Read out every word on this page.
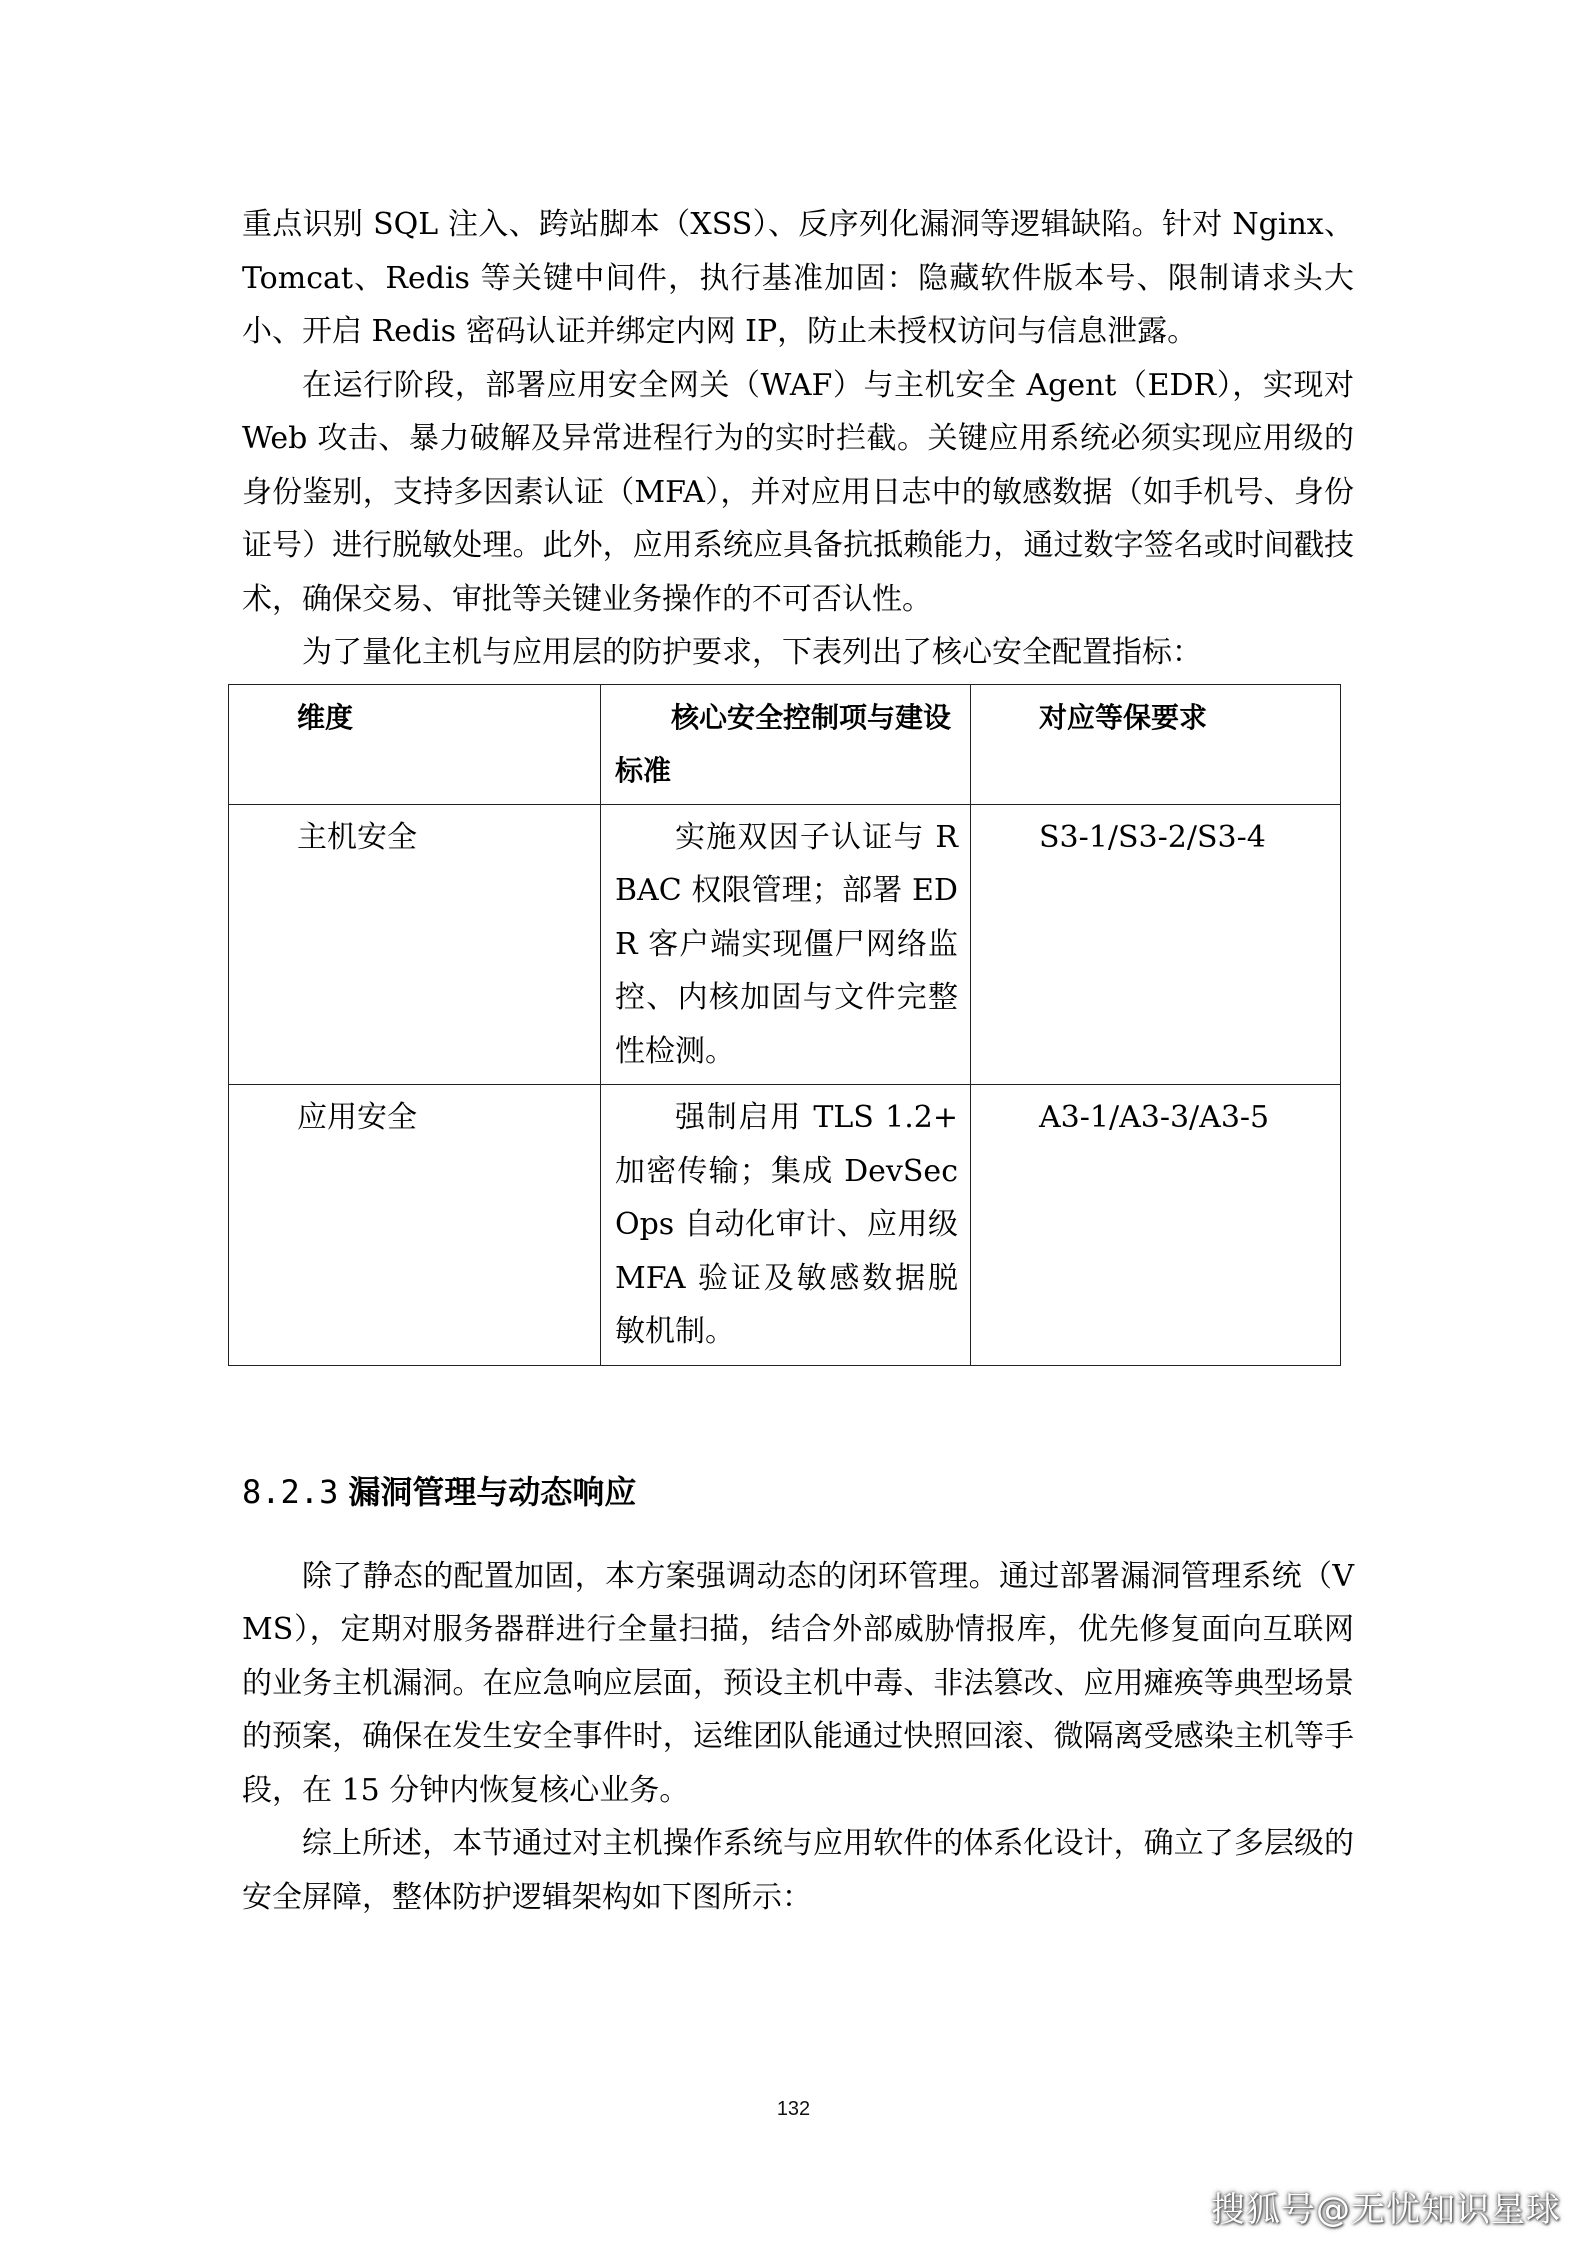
重点识别 SQL 注入、跨站脚本（XSS）、反序列化漏洞等逻辑缺陷。针对 Nginx、Tomcat、Redis 等关键中间件，执行基准加固：隐藏软件版本号、限制请求头大小、开启 Redis 密码认证并绑定内网 IP，防止未授权访问与信息泄露。

在运行阶段，部署应用安全网关（WAF）与主机安全 Agent（EDR），实现对 Web 攻击、暴力破解及异常进程行为的实时拦截。关键应用系统必须实现应用级的身份鉴别，支持多因素认证（MFA），并对应用日志中的敏感数据（如手机号、身份证号）进行脱敏处理。此外，应用系统应具备抗抵赖能力，通过数字签名或时间戳技术，确保交易、审批等关键业务操作的不可否认性。

为了量化主机与应用层的防护要求，下表列出了核心安全配置指标：

维度	核心安全控制项与建设标准	对应等保要求
主机安全	实施双因子认证与 RBAC 权限管理；部署 EDR 客户端实现僵尸网络监控、内核加固与文件完整性检测。	S3-1/S3-2/S3-4
应用安全	强制启用 TLS 1.2+ 加密传输；集成 DevSecOps 自动化审计、应用级 MFA 验证及敏感数据脱敏机制。	A3-1/A3-3/A3-5
8.2.3 漏洞管理与动态响应

除了静态的配置加固，本方案强调动态的闭环管理。通过部署漏洞管理系统（VMS），定期对服务器群进行全量扫描，结合外部威胁情报库，优先修复面向互联网的业务主机漏洞。在应急响应层面，预设主机中毒、非法篡改、应用瘫痪等典型场景的预案，确保在发生安全事件时，运维团队能通过快照回滚、微隔离受感染主机等手段，在 15 分钟内恢复核心业务。

综上所述，本节通过对主机操作系统与应用软件的体系化设计，确立了多层级的安全屏障，整体防护逻辑架构如下图所示：

132
搜狐号@无忧知识星球
